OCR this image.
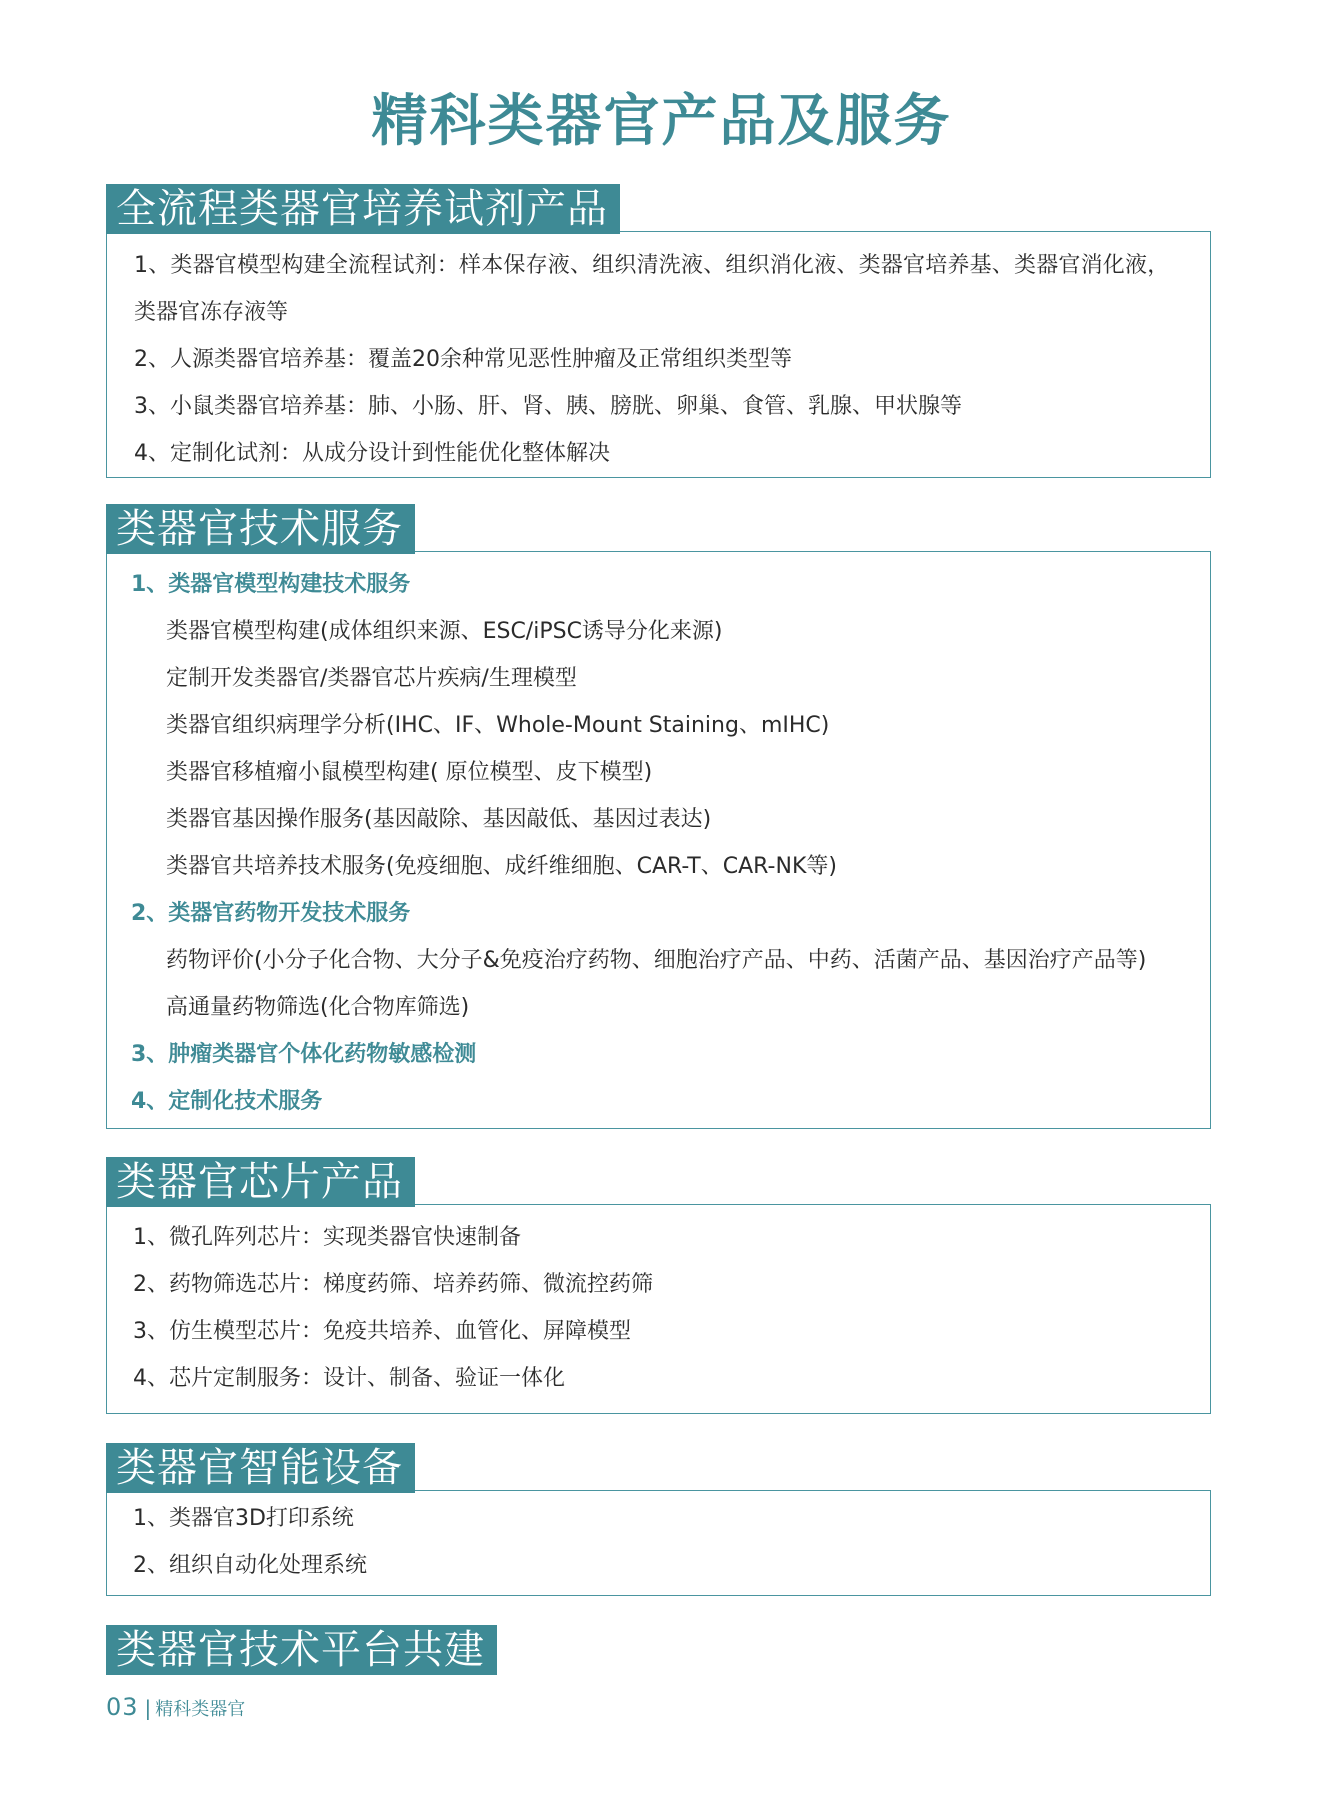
精科类器官产品及服务
全流程类器官培养试剂产品
1、类器官模型构建全流程试剂：样本保存液、组织清洗液、组织消化液、类器官培养基、类器官消化液，
类器官冻存液等
2、人源类器官培养基：覆盖20余种常见恶性肿瘤及正常组织类型等
3、小鼠类器官培养基：肺、小肠、肝、肾、胰、膀胱、卵巢、食管、乳腺、甲状腺等
4、定制化试剂：从成分设计到性能优化整体解决
类器官技术服务
1、类器官模型构建技术服务
类器官模型构建(成体组织来源、ESC/iPSC诱导分化来源)
定制开发类器官/类器官芯片疾病/生理模型
类器官组织病理学分析(IHC、IF、Whole-Mount Staining、mIHC)
类器官移植瘤小鼠模型构建( 原位模型、皮下模型)
类器官基因操作服务(基因敲除、基因敲低、基因过表达)
类器官共培养技术服务(免疫细胞、成纤维细胞、CAR-T、CAR-NK等)
2、类器官药物开发技术服务
药物评价(小分子化合物、大分子&免疫治疗药物、细胞治疗产品、中药、活菌产品、基因治疗产品等)
高通量药物筛选(化合物库筛选)
3、肿瘤类器官个体化药物敏感检测
4、定制化技术服务
类器官芯片产品
1、微孔阵列芯片：实现类器官快速制备
2、药物筛选芯片：梯度药筛、培养药筛、微流控药筛
3、仿生模型芯片：免疫共培养、血管化、屏障模型
4、芯片定制服务：设计、制备、验证一体化
类器官智能设备
1、类器官3D打印系统
2、组织自动化处理系统
类器官技术平台共建
03 | 精科类器官
